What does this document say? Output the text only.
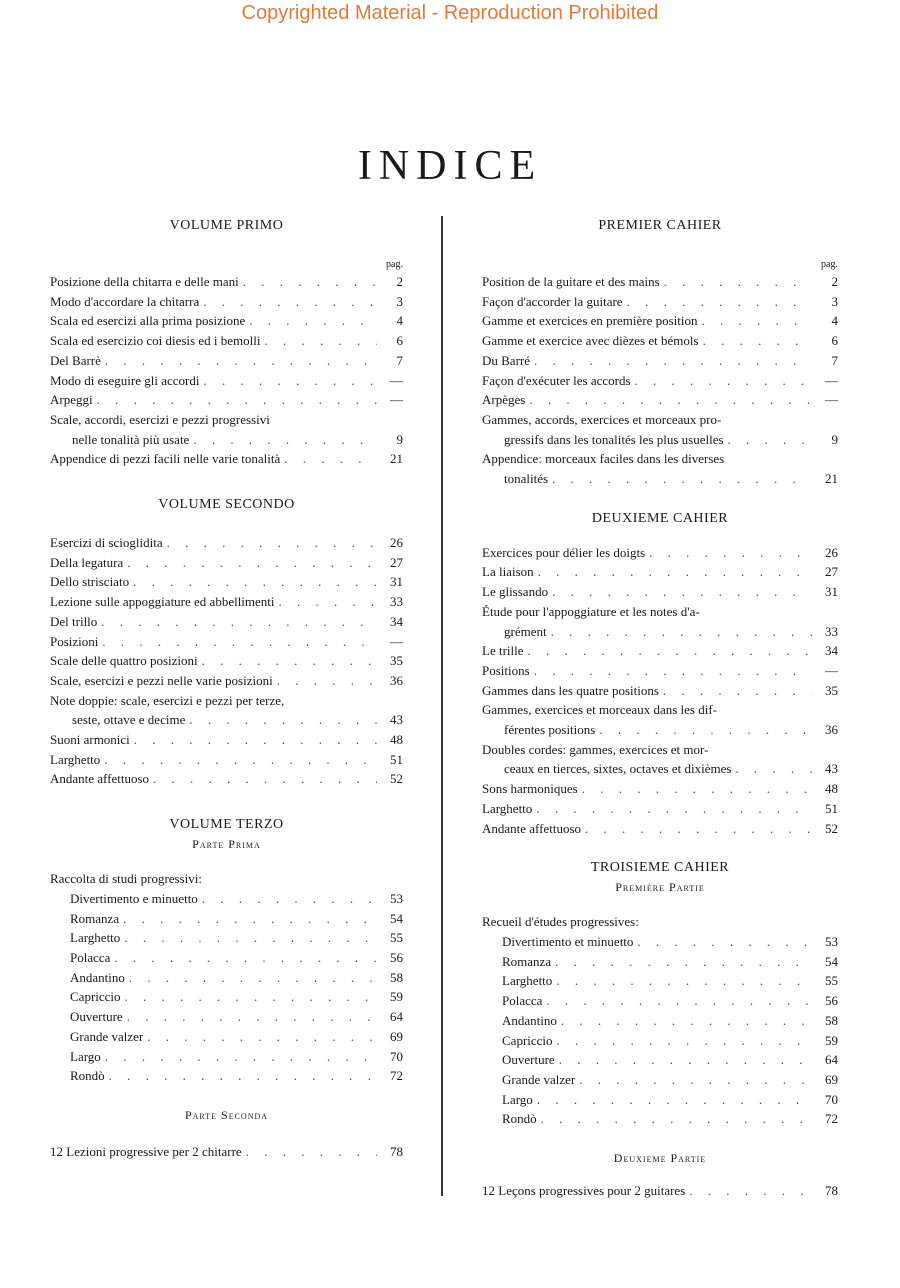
Copyrighted Material - Reproduction Prohibited
INDICE
VOLUME PRIMO
pag.
Posizione della chitarra e delle mani . . .	2
Modo d'accordare la chitarra . . .	3
Scala ed esercizi alla prima posizione . . .	4
Scala ed esercizio coi diesis ed i bemolli . . .	6
Del Barrè . . .	7
Modo di eseguire gli accordi . . .	—
Arpeggi . . .	—
Scale, accordi, esercizi e pezzi progressivi
nelle tonalità più usate . . .	9
Appendice di pezzi facili nelle varie tonalità . . .	21
VOLUME SECONDO
Esercizi di scioglidita . . .	26
Della legatura . . .	27
Dello strisciato . . .	31
Lezione sulle appoggiature ed abbellimenti . . .	33
Del trillo . . .	34
Posizioni . . .	—
Scale delle quattro posizioni . . .	35
Scale, esercizi e pezzi nelle varie posizioni . . .	36
Note doppie: scale, esercizi e pezzi per terze,
seste, ottave e decime . . .	43
Suoni armonici . . .	48
Larghetto . . .	51
Andante affettuoso . . .	52
VOLUME TERZO
Parte Prima
Raccolta di studi progressivi:
Divertimento e minuetto . . .	53
Romanza . . .	54
Larghetto . . .	55
Polacca . . .	56
Andantino . . .	58
Capriccio . . .	59
Ouverture . . .	64
Grande valzer . . .	69
Largo . . .	70
Rondò . . .	72
Parte Seconda
12 Lezioni progressive per 2 chitarre . . .	78
PREMIER CAHIER
pag.
Position de la guitare et des mains . . .	2
Façon d'accorder la guitare . . .	3
Gamme et exercices en première position . . .	4
Gamme et exercice avec dièzes et bémols . . .	6
Du Barré . . .	7
Façon d'exécuter les accords . . .	—
Arpèges . . .	—
Gammes, accords, exercices et morceaux pro-
gressifs dans les tonalités les plus usuelles . . .	9
Appendice: morceaux faciles dans les diverses
tonalités . . .	21
DEUXIEME CAHIER
Exercices pour délier les doigts . . .	26
La liaison . . .	27
Le glissando . . .	31
Étude pour l'appoggiature et les notes d'a-
grément . . .	33
Le trille . . .	34
Positions . . .	—
Gammes dans les quatre positions . . .	35
Gammes, exercices et morceaux dans les dif-
férentes positions . . .	36
Doubles cordes: gammes, exercices et mor-
ceaux en tierces, sixtes, octaves et dixièmes . . .	43
Sons harmoniques . . .	48
Larghetto . . .	51
Andante affettuoso . . .	52
TROISIEME CAHIER
Première Partie
Recueil d'études progressives:
Divertimento et minuetto . . .	53
Romanza . . .	54
Larghetto . . .	55
Polacca . . .	56
Andantino . . .	58
Capriccio . . .	59
Ouverture . . .	64
Grande valzer . . .	69
Largo . . .	70
Rondò . . .	72
Deuxieme Partie
12 Leçons progressives pour 2 guitares . . .	78
